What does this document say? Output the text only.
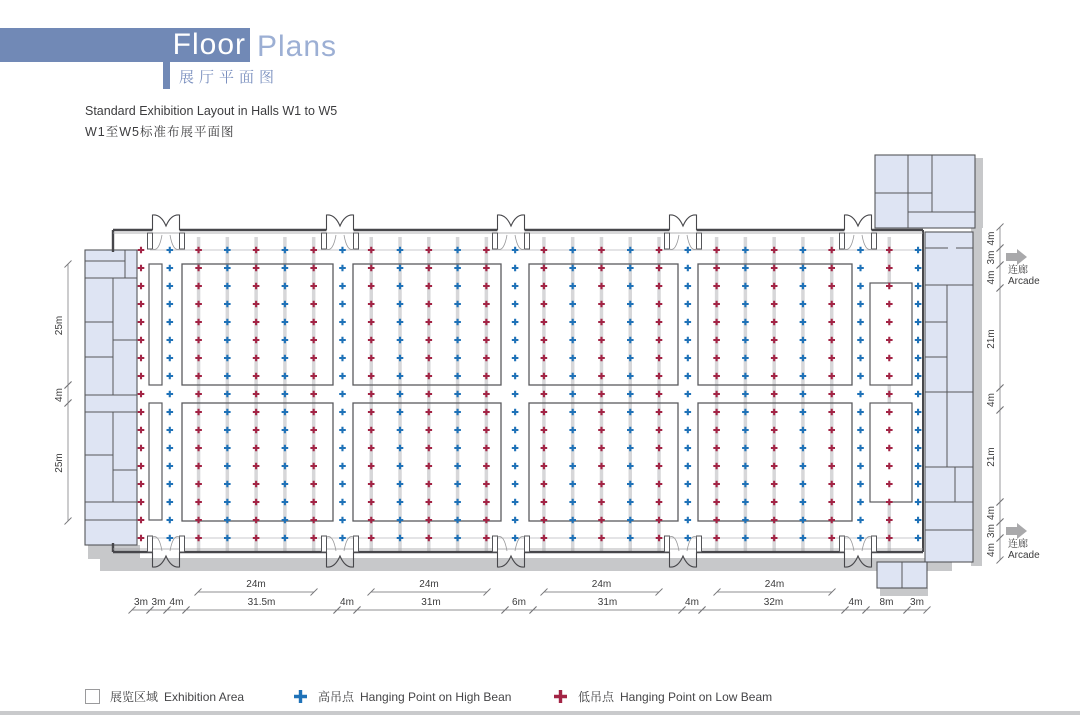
Floor Plans
展厅平面图
Standard Exhibition Layout in Halls W1 to W5
W1至W5标准布展平面图
25m
4m
25m
4m
3m
4m
21m
4m
21m
4m
3m
4m
24m	24m	24m	24m
3m 3m 4m	31.5m	4m	31m	6m	31m	4m	32m	4m 8m 3m
连廊
Arcade
连廊
Arcade
展览区域 Exhibition Area	高吊点 Hanging Point on High Bean	低吊点 Hanging Point on Low Beam
